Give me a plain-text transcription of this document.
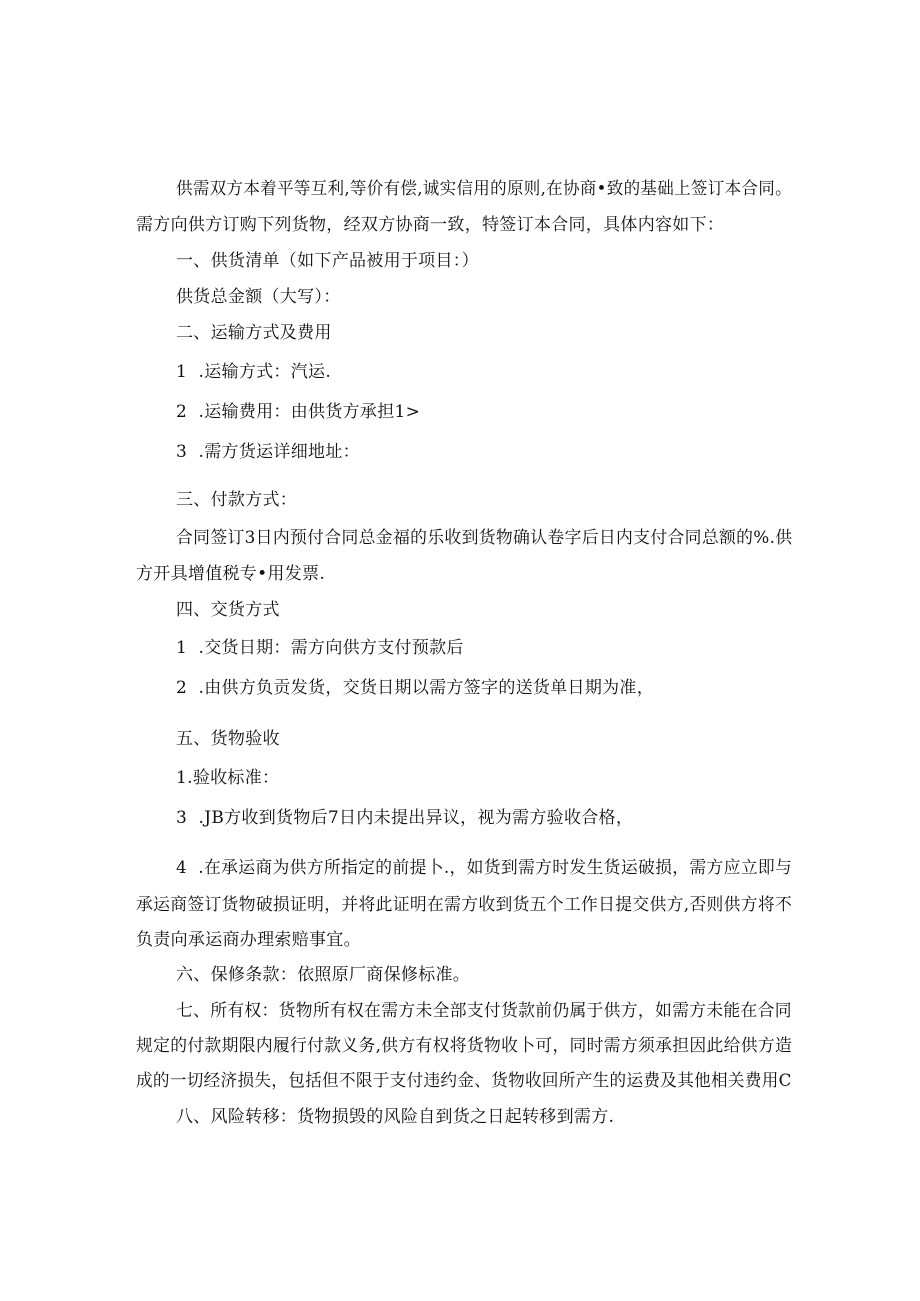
供需双方本着平等互利,等价有偿,诚实信用的原则,在协商•致的基础上签订本合同。
需方向供方订购下列货物，经双方协商一致，特签订本合同，具体内容如下：
一、供货清单（如下产品被用于项目：）
供货总金额（大写）：
二、运输方式及费用
1  .运输方式：汽运.
2  .运输费用：由供货方承担1>
3  .需方货运详细地址：
三、付款方式：
合同签订3日内预付合同总金福的乐收到货物确认卷字后日内支付合同总额的%.供
方开具增值税专•用发票.
四、交货方式
1  .交货日期：需方向供方支付预款后
2  .由供方负贡发货，交货日期以需方签字的送货单日期为准，
五、货物验收
1.验收标准：
3  .JB方收到货物后7日内未提出异议，视为需方验收合格，
4  .在承运商为供方所指定的前提卜.，如货到需方时发生货运破损，需方应立即与
承运商签订货物破损证明，并将此证明在需方收到货五个工作日提交供方,否则供方将不
负责向承运商办理索赔事宜。
六、保修条款：依照原厂商保修标准。
七、所有权：货物所有权在需方未全部支付货款前仍属于供方，如需方未能在合同
规定的付款期限内履行付款义务,供方有权将货物收卜可，同时需方须承担因此给供方造
成的一切经济损失，包括但不限于支付违约金、货物收回所产生的运费及其他相关费用C
八、风险转移：货物损毁的风险自到货之日起转移到需方.
